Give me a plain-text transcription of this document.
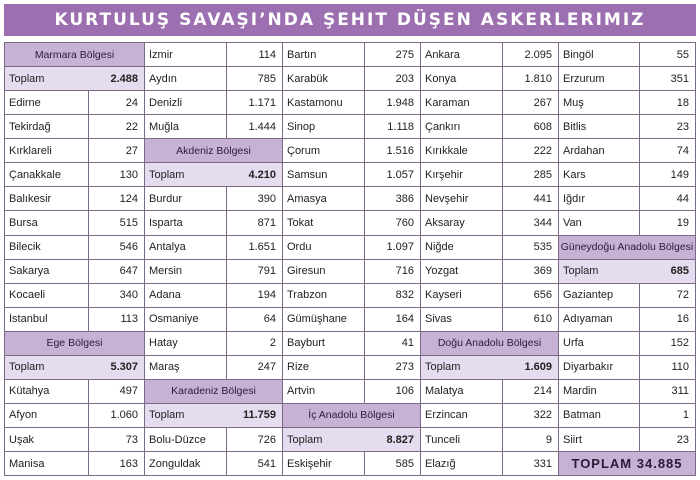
KURTULUŞ SAVAŞI’NDA ŞEHIT DÜŞEN ASKERLERIMIZ
Marmara Bölgesi
Toplam	2.488
Edirne	24
Tekirdağ	22
Kırklareli	27
Çanakkale	130
Balıkesir	124
Bursa	515
Bilecik	546
Sakarya	647
Kocaeli	340
İstanbul	113
Ege Bölgesi
Toplam	5.307
Kütahya	497
Afyon	1.060
Uşak	73
Manisa	163
İzmir	114
Aydın	785
Denizli	1.171
Muğla	1.444
Akdeniz Bölgesi
Toplam	4.210
Burdur	390
Isparta	871
Antalya	1.651
Mersin	791
Adana	194
Osmaniye	64
Hatay	2
Maraş	247
Karadeniz Bölgesi
Toplam	11.759
Bolu-Düzce	726
Zonguldak	541
Bartın	275
Karabük	203
Kastamonu	1.948
Sinop	1.118
Çorum	1.516
Samsun	1.057
Amasya	386
Tokat	760
Ordu	1.097
Giresun	716
Trabzon	832
Gümüşhane	164
Bayburt	41
Rize	273
Artvin	106
İç Anadolu Bölgesi
Toplam	8.827
Eskişehir	585
Ankara	2.095
Konya	1.810
Karaman	267
Çankırı	608
Kırıkkale	222
Kırşehir	285
Nevşehir	441
Aksaray	344
Niğde	535
Yozgat	369
Kayseri	656
Sivas	610
Doğu Anadolu Bölgesi
Toplam	1.609
Malatya	214
Erzincan	322
Tunceli	9
Elazığ	331
Bingöl	55
Erzurum	351
Muş	18
Bitlis	23
Ardahan	74
Kars	149
Iğdır	44
Van	19
Güneydoğu Anadolu Bölgesi
Toplam	685
Gaziantep	72
Adıyaman	16
Urfa	152
Diyarbakır	110
Mardin	311
Batman	1
Siirt	23
TOPLAM 34.885
